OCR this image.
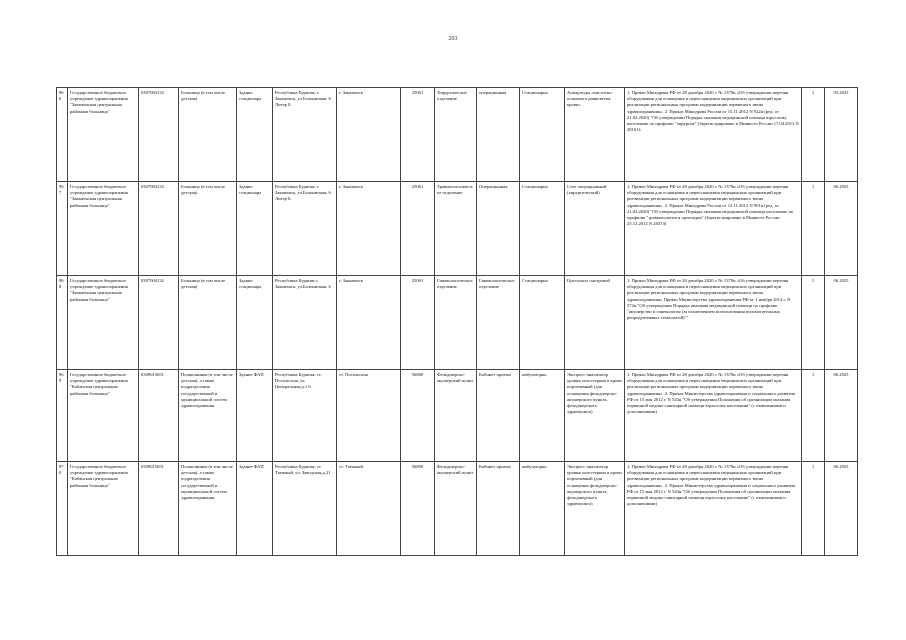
203
966	Государственное бюджетное учреждение здравоохранения "Закаменская центральная районная больница"	0307004132	Больница (в том числе детская)	Здание стационара	Республика Бурятия, г. Закаменск, ул.Больничная, 6 Литер Б	г. Закаменск	25061	Хирургическое отделение	операционная	Стационарно	Аппаратура «кислотно-основного равновесия крови»	1. Приказ Минздрава РФ от 28 декабря 2020 г. № 1379н «Об утверждении перечня оборудования для оснащения и переоснащения медицинских организаций при реализации региональных программ модернизации первичного звена здравоохранения». 2. Приказ Минздрава России от 15.11.2012 N 922н (ред. от 21.02.2020) "Об утверждении Порядка оказания медицинской помощи взрослому населению по профилю "хирургия" (Зарегистрировано в Минюсте России 17.04.2013 N 28161);	1	03.2025
967	Государственное бюджетное учреждение здравоохранения "Закаменская центральная районная больница"	0307004132	Больница (в том числе детская)	Здание стационара	Республика Бурятия, г. Закаменск, ул.Больничная, 6 Литер Б	г. Закаменск	25061	Травматологическое отделение	Операционная	Стационарно	Стол операционный (хирургический)	1. Приказ Минздрава РФ от 28 декабря 2020 г. № 1379н «Об утверждении перечня оборудования для оснащения и переоснащения медицинских организаций при реализации региональных программ модернизации первичного звена здравоохранения». 2. Приказ Минздрава России от 12.11.2012 N 901н (ред. от 21.02.2020) "Об утверждении Порядка оказания медицинской помощи населению по профилю "травматология и ортопедия" (Зарегистрировано в Минюсте России 25.12.2012 N 26374)	1	06.2025
968	Государственное бюджетное учреждение здравоохранения "Закаменская центральная районная больница"	0307004132	Больница (в том числе детская)	Здание стационара	Республика Бурятия г. Закаменск, ул.Больничная, 6	г. Закаменск	25061	Гинекологическое отделение	Гинекологическое отделение	Стационарно	Цистоскоп смотровой	1. Приказ Минздрава РФ от 28 декабря 2020 г. № 1379н «Об утверждении перечня оборудования для оснащения и переоснащения медицинских организаций при реализации региональных программ модернизации первичного звена здравоохранения» Приказ Министерства здравоохранения РФ от 1 ноября 2012 г. N 572н "Об утверждении Порядка оказания медицинской помощи по профилю "акушерство и гинекология (за исключением использования вспомогательных репродуктивных технологий)""	1	06.2025
969	Государственное бюджетное учреждение здравоохранения "Кабанская центральная районная больница"	0309015651	Поликлиника (в том числе детская), а также подразделения государственной и муниципальной систем здравоохранения.	Здание ФАП	Республика Бурятия, ст. Посольская, ул. Центральная,д.1 6	ст. Посольская	56800	Фельдшерско-акушерский пункт	Кабинет приема	амбулаторно	Экспресс-анализатор уровня холестерина в крови портативный (для оснащения фельдшерско-акушерского пункта, фельдшерского здравпункта)	1. Приказ Минздрава РФ от 28 декабря 2020 г. № 1379н «Об утверждении перечня оборудования для оснащения и переоснащения медицинских организаций при реализации региональных программ модернизации первичного звена здравоохранения». 2. Приказ Министерства здравоохранения и социального развития РФ от 15 мая 2012 г. N 543н "Об утверждении Положения об организации оказания первичной медико-санитарной помощи взрослому населению" (с изменениями и дополнениями)	1	06.2025
970	Государственное бюджетное учреждение здравоохранения "Кабанская центральная районная больница"	0309015651	Поликлиника (в том числе детская), а также подразделения государственной и муниципальной систем здравоохранения.	Здание ФАП	Республика Бурятия, ст. Таежный, ул. Заводская,д.21	ст. Таежный	56800	Фельдшерско-акушерский пункт	Кабинет приема	амбулаторно	Экспресс-анализатор уровня холестерина в крови портативный (для оснащения фельдшерско-акушерского пункта, фельдшерского здравпункта)	1. Приказ Минздрава РФ от 28 декабря 2020 г. № 1379н «Об утверждении перечня оборудования для оснащения и переоснащения медицинских организаций при реализации региональных программ модернизации первичного звена здравоохранения». 2. Приказ Министерства здравоохранения и социального развития РФ от 15 мая 2012 г. N 543н "Об утверждении Положения об организации оказания первичной медико-санитарной помощи взрослому населению" (с изменениями и дополнениями)	1	06.2025
